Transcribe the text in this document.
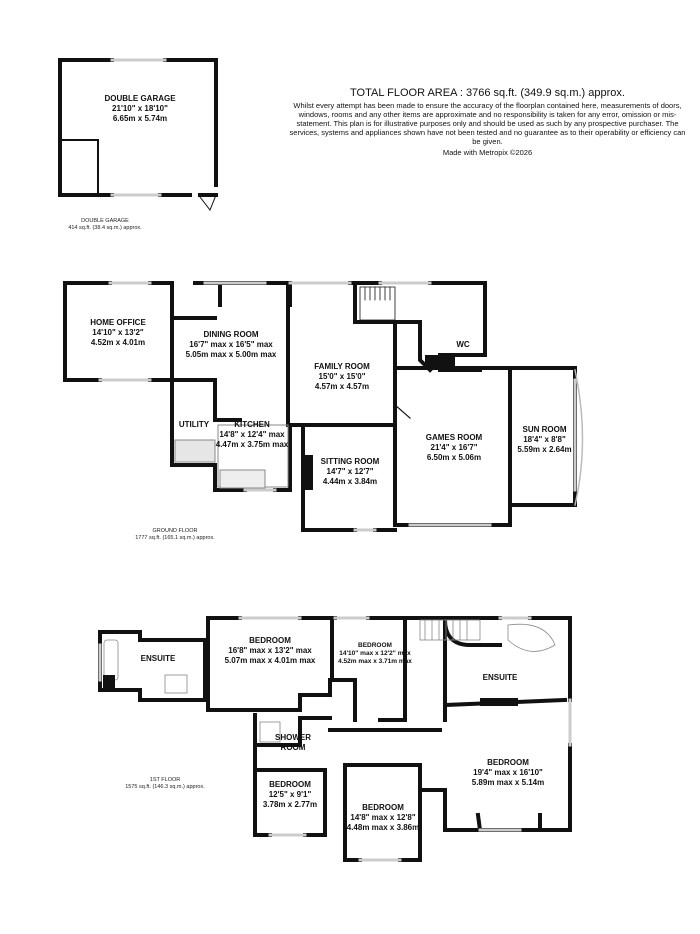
TOTAL FLOOR AREA : 3766 sq.ft. (349.9 sq.m.) approx.
Whilst every attempt has been made to ensure the accuracy of the floorplan contained here, measurements of doors, windows, rooms and any other items are approximate and no responsibility is taken for any error, omission or mis-statement. This plan is for illustrative purposes only and should be used as such by any prospective purchaser. The services, systems and appliances shown have not been tested and no guarantee as to their operability or efficiency can be given.
Made with Metropix ©2026
DOUBLE GARAGE
21'10" x 18'10"
6.65m x 5.74m
DOUBLE GARAGE
414 sq.ft. (38.4 sq.m.) approx.
HOME OFFICE
14'10" x 13'2"
4.52m x 4.01m
DINING ROOM
16'7" max x 16'5" max
5.05m max x 5.00m max
FAMILY ROOM
15'0" x 15'0"
4.57m x 4.57m
WC
UTILITY	KITCHEN
14'8" x 12'4" max
4.47m x 3.75m max
SITTING ROOM
14'7" x 12'7"
4.44m x 3.84m
GAMES ROOM
21'4" x 16'7"
6.50m x 5.06m
SUN ROOM
18'4" x 8'8"
5.59m x 2.64m
GROUND FLOOR
1777 sq.ft. (165.1 sq.m.) approx.
ENSUITE
BEDROOM
16'8" max x 13'2" max
5.07m max x 4.01m max
BEDROOM
14'10" max x 12'2" max
4.52m max x 3.71m max
ENSUITE
SHOWER ROOM
BEDROOM
19'4" max x 16'10"
5.89m max x 5.14m
BEDROOM
12'5" x 9'1"
3.78m x 2.77m	BEDROOM
14'8" max x 12'8"
4.48m max x 3.86m
1ST FLOOR
1575 sq.ft. (146.3 sq.m.) approx.
